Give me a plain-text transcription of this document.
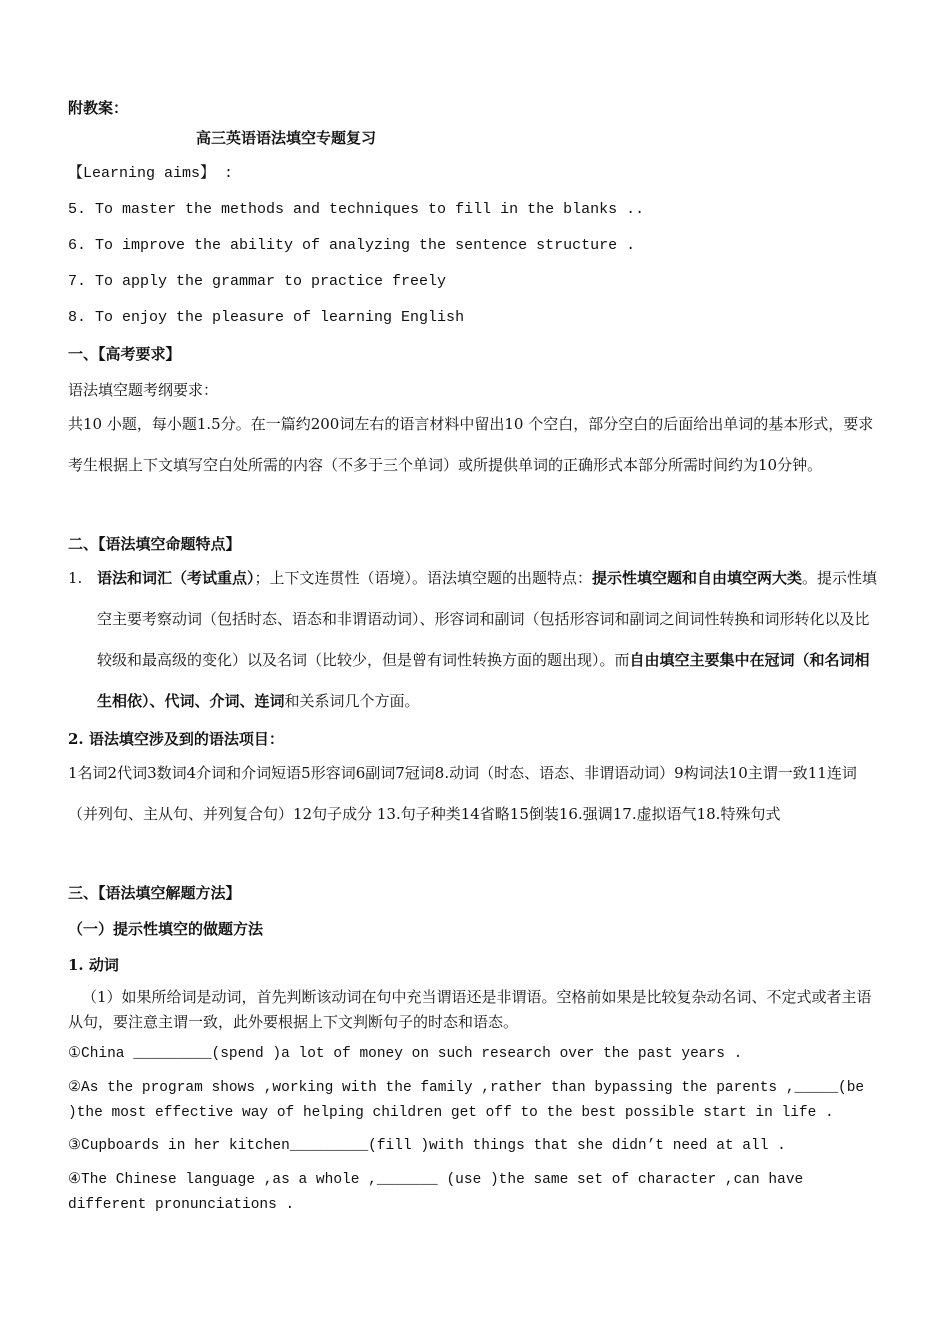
附教案：
高三英语语法填空专题复习
【Learning aims】 :
5. To master the methods and techniques to fill in the blanks ..
6. To improve the ability of analyzing the sentence structure .
7. To apply the grammar to practice freely
8. To enjoy the pleasure of learning English
一、【高考要求】
语法填空题考纲要求：
共10 小题，每小题1.5分。在一篇约200词左右的语言材料中留出10 个空白，部分空白的后面给出单词的基本形式，要求考生根据上下文填写空白处所需的内容（不多于三个单词）或所提供单词的正确形式本部分所需时间约为10分钟。
二、【语法填空命题特点】
1. 语法和词汇（考试重点）；上下文连贯性（语境）。语法填空题的出题特点：提示性填空题和自由填空两大类。提示性填空主要考察动词（包括时态、语态和非谓语动词）、形容词和副词（包括形容词和副词之间词性转换和词形转化以及比较级和最高级的变化）以及名词（比较少，但是曾有词性转换方面的题出现）。而自由填空主要集中在冠词（和名词相生相依）、代词、介词、连词和关系词几个方面。
2. 语法填空涉及到的语法项目：
1名词2代词3数词4介词和介词短语5形容词6副词7冠词8.动词（时态、语态、非谓语动词）9构词法10主谓一致11连词（并列句、主从句、并列复合句）12句子成分 13.句子种类14省略15倒装16.强调17.虚拟语气18.特殊句式
三、【语法填空解题方法】
（一）提示性填空的做题方法
1. 动词
（1）如果所给词是动词，首先判断该动词在句中充当谓语还是非谓语。空格前如果是比较复杂动名词、不定式或者主语从句，要注意主谓一致，此外要根据上下文判断句子的时态和语态。
①China _________(spend )a lot of money on such research over the past years .
②As the program shows ,working with the family ,rather than bypassing the parents ,_____(be )the most effective way of helping children get off to the best possible start in life .
③Cupboards in her kitchen_________(fill )with things that she didn’t need at all .
④The Chinese language ,as a whole ,_______ (use )the same set of character ,can have different pronunciations .
